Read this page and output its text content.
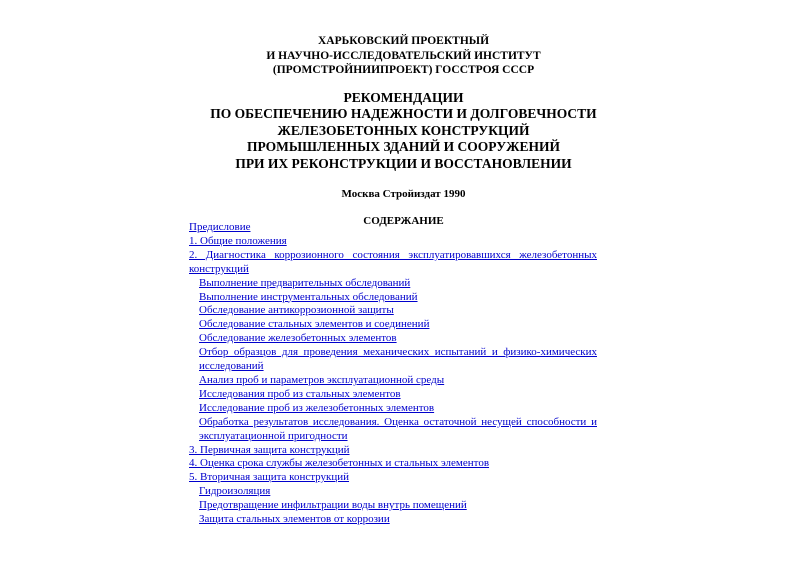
ХАРЬКОВСКИЙ ПРОЕКТНЫЙ
И НАУЧНО-ИССЛЕДОВАТЕЛЬСКИЙ ИНСТИТУТ
(ПРОМСТРОЙНИИПРОЕКТ) ГОССТРОЯ СССР
РЕКОМЕНДАЦИИ
ПО ОБЕСПЕЧЕНИЮ НАДЕЖНОСТИ И ДОЛГОВЕЧНОСТИ
ЖЕЛЕЗОБЕТОННЫХ КОНСТРУКЦИЙ
ПРОМЫШЛЕННЫХ ЗДАНИЙ И СООРУЖЕНИЙ
ПРИ ИХ РЕКОНСТРУКЦИИ И ВОССТАНОВЛЕНИИ
Москва Стройиздат 1990
СОДЕРЖАНИЕ
Предисловие
1. Общие положения
2. Диагностика коррозионного состояния эксплуатировавшихся железобетонных конструкций
Выполнение предварительных обследований
Выполнение инструментальных обследований
Обследование антикоррозионной защиты
Обследование стальных элементов и соединений
Обследование железобетонных элементов
Отбор образцов для проведения механических испытаний и физико-химических исследований
Анализ проб и параметров эксплуатационной среды
Исследования проб из стальных элементов
Исследование проб из железобетонных элементов
Обработка результатов исследования. Оценка остаточной несущей способности и эксплуатационной пригодности
3. Первичная защита конструкций
4. Оценка срока службы железобетонных и стальных элементов
5. Вторичная защита конструкций
Гидроизоляция
Предотвращение инфильтрации воды внутрь помещений
Защита стальных элементов от коррозии
